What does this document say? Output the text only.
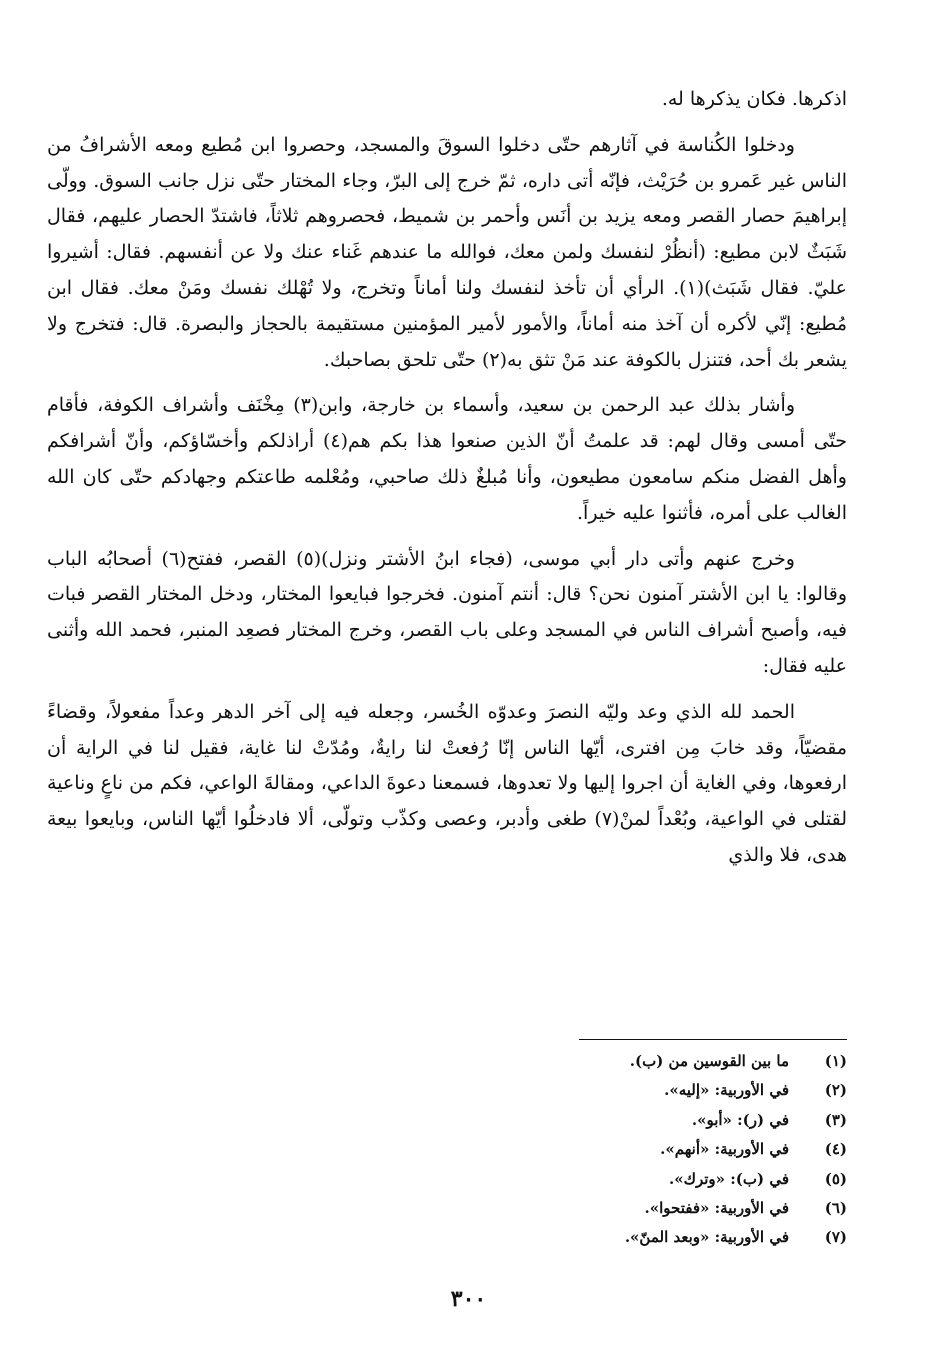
اذكرها. فكان يذكرها له.

ودخلوا الكُناسة في آثارهم حتّى دخلوا السوقَ والمسجد، وحصروا ابن مُطيع ومعه الأشرافُ من الناس غير عَمرو بن حُرَيْث، فإنّه أتى داره، ثمّ خرج إلى البرّ، وجاء المختار حتّى نزل جانب السوق. وولّى إبراهيمَ حصار القصر ومعه يزيد بن أنَس وأحمر بن شميط، فحصروهم ثلاثاً، فاشتدّ الحصار عليهم، فقال شَبَثٌ لابن مطيع: (أنظُرْ لنفسك ولمن معك، فوالله ما عندهم غَناء عنك ولا عن أنفسهم. فقال: أشيروا عليّ. فقال شَبَث)(١). الرأي أن تأخذ لنفسك ولنا أماناً وتخرج، ولا تُهْلك نفسك ومَنْ معك. فقال ابن مُطيع: إنّي لأكره أن آخذ منه أماناً، والأمور لأمير المؤمنين مستقيمة بالحجاز والبصرة. قال: فتخرج ولا يشعر بك أحد، فتنزل بالكوفة عند مَنْ تثق به(٢) حتّى تلحق بصاحبك.

وأشار بذلك عبد الرحمن بن سعيد، وأسماء بن خارجة، وابن(٣) مِخْنَف وأشراف الكوفة، فأقام حتّى أمسى وقال لهم: قد علمتُ أنّ الذين صنعوا هذا بكم هم(٤) أراذلكم وأخسّاؤكم، وأنّ أشرافكم وأهل الفضل منكم سامعون مطيعون، وأنا مُبلغٌ ذلك صاحبي، ومُعْلمه طاعتكم وجهادكم حتّى كان الله الغالب على أمره، فأثنوا عليه خيراً.

وخرج عنهم وأتى دار أبي موسى، (فجاء ابنُ الأشتر ونزل)(٥) القصر، ففتح(٦) أصحابُه الباب وقالوا: يا ابن الأشتر آمنون نحن؟ قال: أنتم آمنون. فخرجوا فبايعوا المختار، ودخل المختار القصر فبات فيه، وأصبح أشراف الناس في المسجد وعلى باب القصر، وخرج المختار فصعِد المنبر، فحمد الله وأثنى عليه فقال:

الحمد لله الذي وعد وليّه النصرَ وعدوّه الخُسر، وجعله فيه إلى آخر الدهر وعداً مفعولاً، وقضاءً مقضيّاً، وقد خابَ مِن افترى، أيّها الناس إنّا رُفعتْ لنا رايةٌ، ومُدّتْ لنا غاية، فقيل لنا في الراية أن ارفعوها، وفي الغاية أن اجروا إليها ولا تعدوها، فسمعنا دعوةَ الداعي، ومقالةَ الواعي، فكم من ناعٍ وناعية لقتلى في الواعية، وبُعْداً لمنْ(٧) طغى وأدبر، وعصى وكذّب وتولّى، ألا فادخلُوا أيّها الناس، وبايعوا بيعة هدى، فلا والذي

(١)
ما بين القوسين من (ب).
(٢)
في الأوربية: «إليه».
(٣)
في (ر): «أبو».
(٤)
في الأوربية: «أنهم».
(٥)
في (ب): «وترك».
(٦)
في الأوربية: «ففتحوا».
(٧)
في الأوربية: «وبعد المنّ».
٣٠٠
